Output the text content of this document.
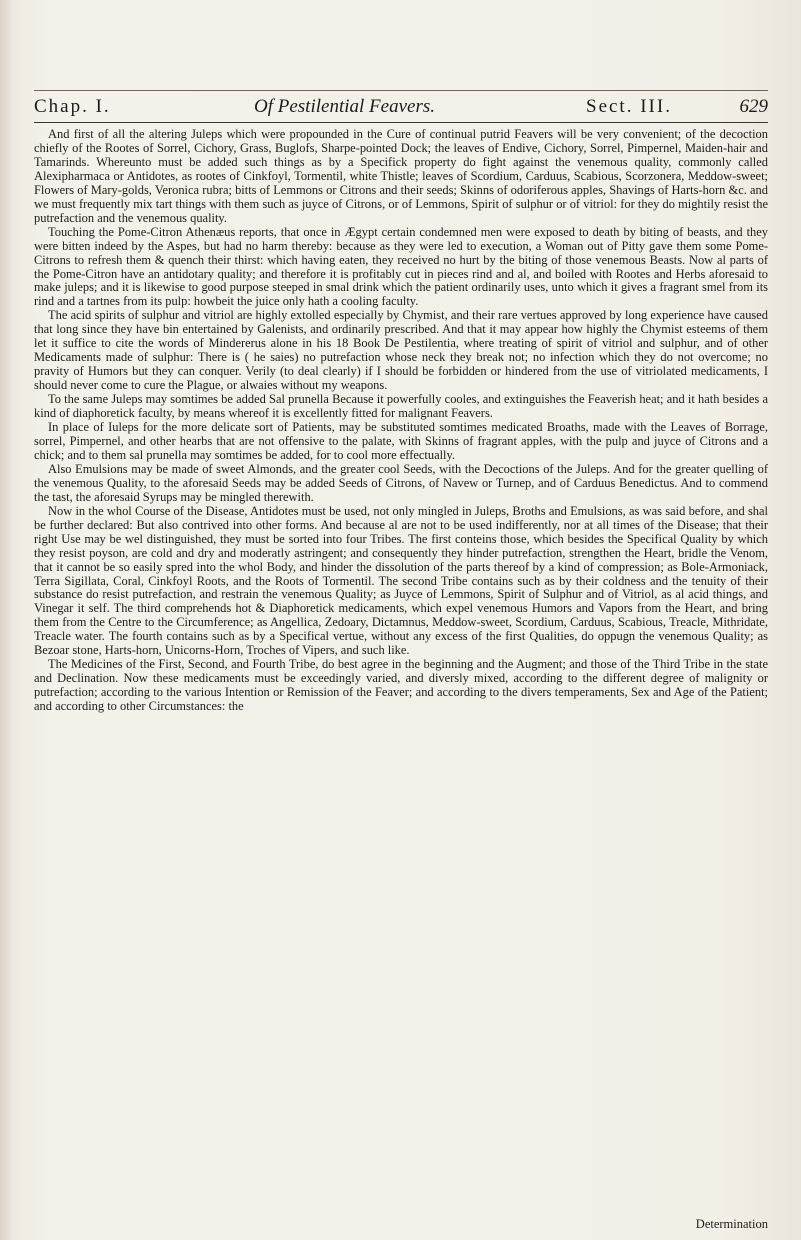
Chap. I.	Of Pestilential Feavers.	Sect. III.	629

And first of all the altering Juleps which were propounded in the Cure of continual putrid Feavers will be very convenient; of the decoction chiefly of the Rootes of Sorrel, Cichory, Grass, Buglofs, Sharpe-pointed Dock; the leaves of Endive, Cichory, Sorrel, Pimpernel, Maiden-hair and Tamarinds. Whereunto must be added such things as by a Specifick property do fight against the venemous quality, commonly called Alexipharmaca or Antidotes, as rootes of Cinkfoyl, Tormentil, white Thistle; leaves of Scordium, Carduus, Scabious, Scorzonera, Meddow-sweet; Flowers of Mary-golds, Veronica rubra; bitts of Lemmons or Citrons and their seeds; Skinns of odoriferous apples, Shavings of Harts-horn &c. and we must frequently mix tart things with them such as juyce of Citrons, or of Lemmons, Spirit of sulphur or of vitriol: for they do mightily resist the putrefaction and the venemous quality.

Touching the Pome-Citron Athenæus reports, that once in Ægypt certain condemned men were exposed to death by biting of beasts, and they were bitten indeed by the Aspes, but had no harm thereby: because as they were led to execution, a Woman out of Pitty gave them some Pome-Citrons to refresh them & quench their thirst: which having eaten, they received no hurt by the biting of those venemous Beasts. Now al parts of the Pome-Citron have an antidotary quality; and therefore it is profitably cut in pieces rind and al, and boiled with Rootes and Herbs aforesaid to make juleps; and it is likewise to good purpose steeped in smal drink which the patient ordinarily uses, unto which it gives a fragrant smel from its rind and a tartnes from its pulp: howbeit the juice only hath a cooling faculty.

The acid spirits of sulphur and vitriol are highly extolled especially by Chymist, and their rare vertues approved by long experience have caused that long since they have bin entertained by Galenists, and ordinarily prescribed. And that it may appear how highly the Chymist esteems of them let it suffice to cite the words of Mindererus alone in his 18 Book De Pestilentia, where treating of spirit of vitriol and sulphur, and of other Medicaments made of sulphur: There is ( he saies) no putrefaction whose neck they break not; no infection which they do not overcome; no pravity of Humors but they can conquer. Verily (to deal clearly) if I should be forbidden or hindered from the use of vitriolated medicaments, I should never come to cure the Plague, or alwaies without my weapons.

To the same Juleps may somtimes be added Sal prunella Because it powerfully cooles, and extinguishes the Feaverish heat; and it hath besides a kind of diaphoretick faculty, by means whereof it is excellently fitted for malignant Feavers.

In place of Iuleps for the more delicate sort of Patients, may be substituted somtimes medicated Broaths, made with the Leaves of Borrage, sorrel, Pimpernel, and other hearbs that are not offensive to the palate, with Skinns of fragrant apples, with the pulp and juyce of Citrons and a chick; and to them sal prunella may somtimes be added, for to cool more effectually.

Also Emulsions may be made of sweet Almonds, and the greater cool Seeds, with the Decoctions of the Juleps. And for the greater quelling of the venemous Quality, to the aforesaid Seeds may be added Seeds of Citrons, of Navew or Turnep, and of Carduus Benedictus. And to commend the tast, the aforesaid Syrups may be mingled therewith.

Now in the whol Course of the Disease, Antidotes must be used, not only mingled in Juleps, Broths and Emulsions, as was said before, and shal be further declared: But also contrived into other forms. And because al are not to be used indifferently, nor at all times of the Disease; that their right Use may be wel distinguished, they must be sorted into four Tribes. The first conteins those, which besides the Specifical Quality by which they resist poyson, are cold and dry and moderatly astringent; and consequently they hinder putrefaction, strengthen the Heart, bridle the Venom, that it cannot be so easily spred into the whol Body, and hinder the dissolution of the parts thereof by a kind of compression; as Bole-Armoniack, Terra Sigillata, Coral, Cinkfoyl Roots, and the Roots of Tormentil. The second Tribe contains such as by their coldness and the tenuity of their substance do resist putrefaction, and restrain the venemous Quality; as Juyce of Lemmons, Spirit of Sulphur and of Vitriol, as al acid things, and Vinegar it self. The third comprehends hot & Diaphoretick medicaments, which expel venemous Humors and Vapors from the Heart, and bring them from the Centre to the Circumference; as Angellica, Zedoary, Dictamnus, Meddow-sweet, Scordium, Carduus, Scabious, Treacle, Mithridate, Treacle water. The fourth contains such as by a Specifical vertue, without any excess of the first Qualities, do oppugn the venemous Quality; as Bezoar stone, Harts-horn, Unicorns-Horn, Troches of Vipers, and such like.

The Medicines of the First, Second, and Fourth Tribe, do best agree in the beginning and the Augment; and those of the Third Tribe in the state and Declination. Now these medicaments must be exceedingly varied, and diversly mixed, according to the different degree of malignity or putrefaction; according to the various Intention or Remission of the Feaver; and according to the divers temperaments, Sex and Age of the Patient; and according to other Circumstances: the

Determination
